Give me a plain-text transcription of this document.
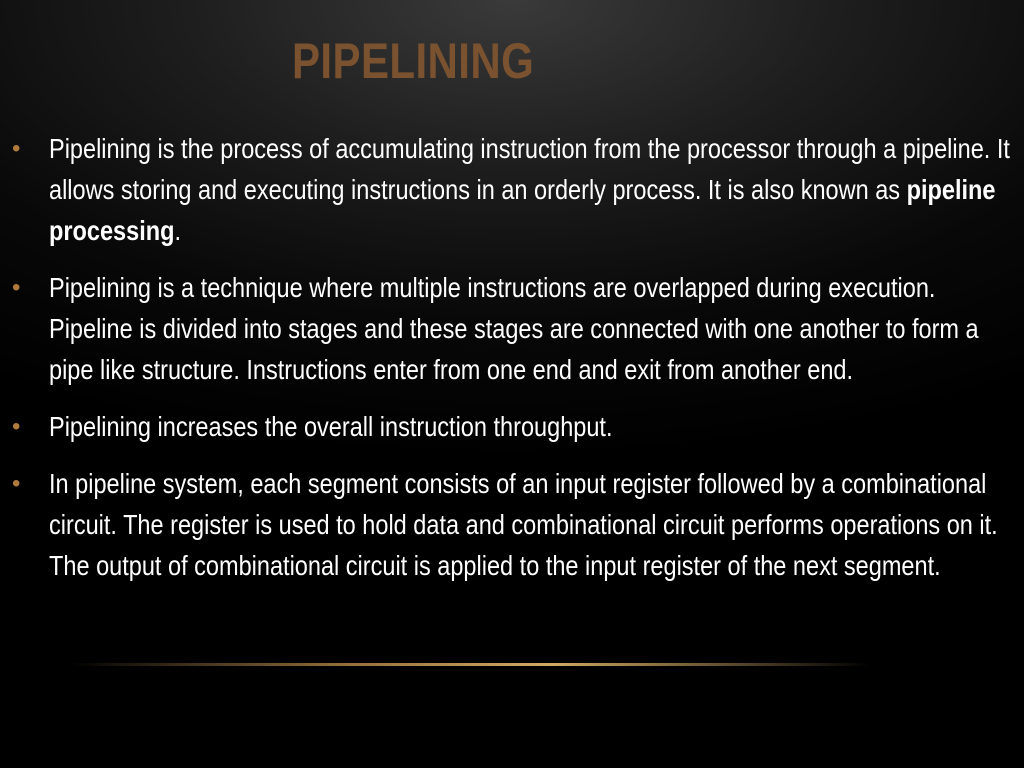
PIPELINING
• Pipelining is the process of accumulating instruction from the processor through a pipeline. It allows storing and executing instructions in an orderly process. It is also known as pipeline processing.
• Pipelining is a technique where multiple instructions are overlapped during execution. Pipeline is divided into stages and these stages are connected with one another to form a pipe like structure. Instructions enter from one end and exit from another end.
• Pipelining increases the overall instruction throughput.
• In pipeline system, each segment consists of an input register followed by a combinational circuit. The register is used to hold data and combinational circuit performs operations on it. The output of combinational circuit is applied to the input register of the next segment.
